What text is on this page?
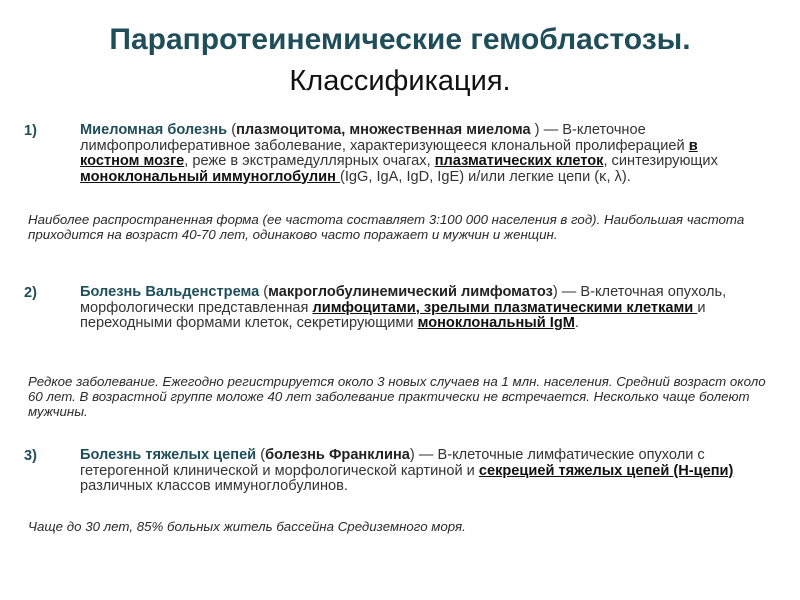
Парапротеинемические гемобластозы.
Классификация.
1)	Миеломная болезнь (плазмоцитома, множественная миелома ) — В-клеточное лимфопролиферативное заболевание, характеризующееся клональной пролиферацией в костном мозге, реже в экстрамедуллярных очагах, плазматических клеток, синтезирующих моноклональный иммуноглобулин (IgG, IgA, IgD, IgE) и/или легкие цепи (κ, λ).
Наиболее распространенная форма (ее частота составляет 3:100 000 населения в год). Наибольшая частота приходится на возраст 40-70 лет, одинаково часто поражает и мужчин и женщин.
2)	Болезнь Вальденстрема (макроглобулинемический лимфоматоз) — В-клеточная опухоль, морфологически представленная лимфоцитами, зрелыми плазматическими клетками и переходными формами клеток, секретирующими моноклональный IgM.
Редкое заболевание. Ежегодно регистрируется около 3 новых случаев на 1 млн. населения. Средний возраст около 60 лет. В возрастной группе моложе 40 лет заболевание практически не встречается. Несколько чаще болеют мужчины.
3)	Болезнь тяжелых цепей (болезнь Франклина) — В-клеточные лимфатические опухоли с гетерогенной клинической и морфологической картиной и секрецией тяжелых цепей (Н-цепи) различных классов иммуноглобулинов.
Чаще до 30 лет, 85% больных житель бассейна Средиземного моря.
